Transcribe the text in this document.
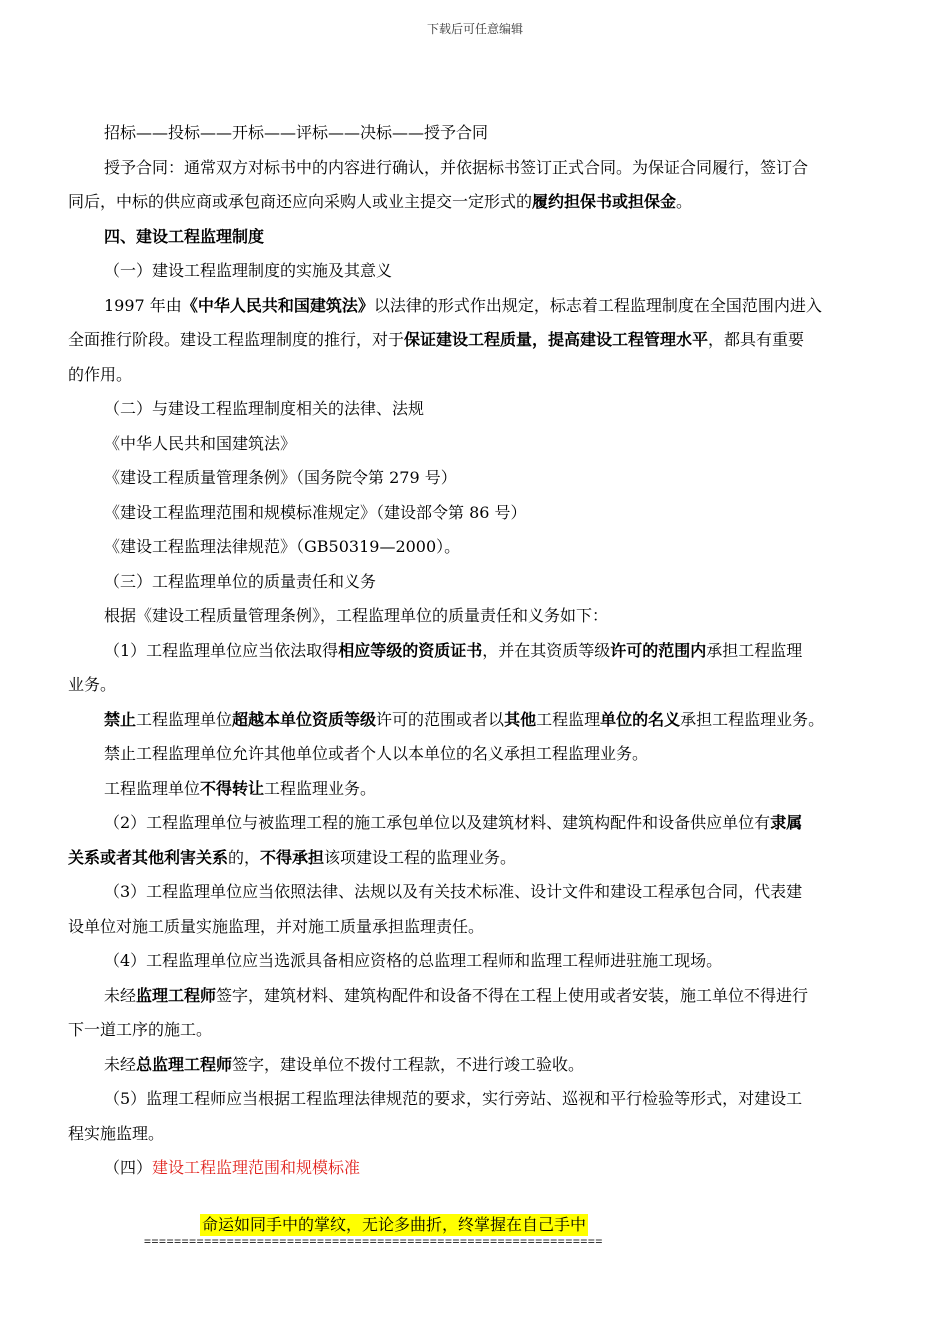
下载后可任意编辑
招标——投标——开标——评标——决标——授予合同
授予合同：通常双方对标书中的内容进行确认，并依据标书签订正式合同。为保证合同履行，签订合
同后，中标的供应商或承包商还应向采购人或业主提交一定形式的履约担保书或担保金。
四、建设工程监理制度
（一）建设工程监理制度的实施及其意义
1997 年由《中华人民共和国建筑法》以法律的形式作出规定，标志着工程监理制度在全国范围内进入
全面推行阶段。建设工程监理制度的推行，对于保证建设工程质量，提高建设工程管理水平，都具有重要
的作用。
（二）与建设工程监理制度相关的法律、法规
《中华人民共和国建筑法》
《建设工程质量管理条例》（国务院令第 279 号）
《建设工程监理范围和规模标准规定》（建设部令第 86 号）
《建设工程监理法律规范》（GB50319—2000）。
（三）工程监理单位的质量责任和义务
根据《建设工程质量管理条例》，工程监理单位的质量责任和义务如下：
（1）工程监理单位应当依法取得相应等级的资质证书，并在其资质等级许可的范围内承担工程监理
业务。
禁止工程监理单位超越本单位资质等级许可的范围或者以其他工程监理单位的名义承担工程监理业务。
禁止工程监理单位允许其他单位或者个人以本单位的名义承担工程监理业务。
工程监理单位不得转让工程监理业务。
（2）工程监理单位与被监理工程的施工承包单位以及建筑材料、建筑构配件和设备供应单位有隶属
关系或者其他利害关系的，不得承担该项建设工程的监理业务。
（3）工程监理单位应当依照法律、法规以及有关技术标准、设计文件和建设工程承包合同，代表建
设单位对施工质量实施监理，并对施工质量承担监理责任。
（4）工程监理单位应当选派具备相应资格的总监理工程师和监理工程师进驻施工现场。
未经监理工程师签字，建筑材料、建筑构配件和设备不得在工程上使用或者安装，施工单位不得进行
下一道工序的施工。
未经总监理工程师签字，建设单位不拨付工程款，不进行竣工验收。
（5）监理工程师应当根据工程监理法律规范的要求，实行旁站、巡视和平行检验等形式，对建设工
程实施监理。
（四）建设工程监理范围和规模标准
命运如同手中的掌纹，无论多曲折，终掌握在自己手中
=============================================================
